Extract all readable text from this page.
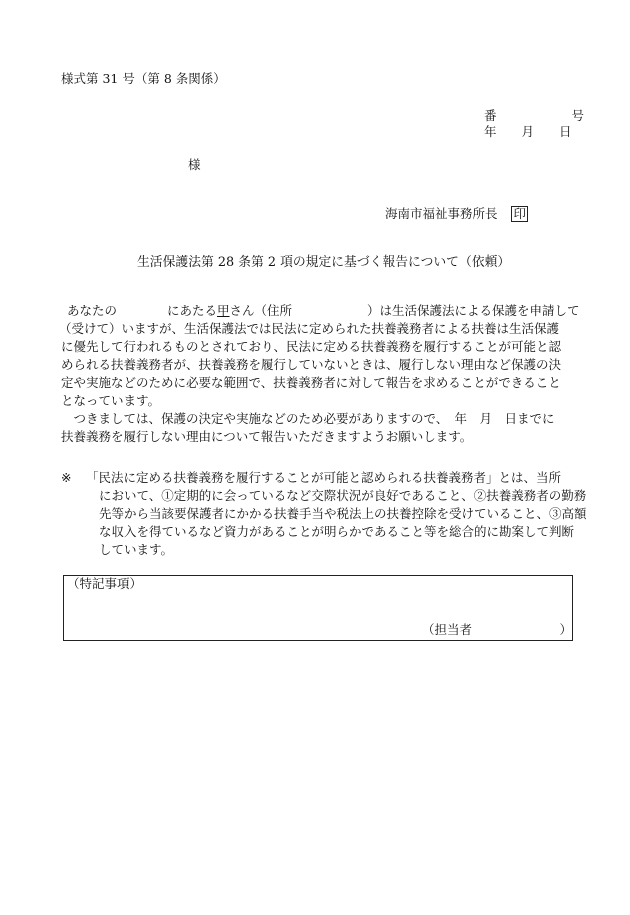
様式第 31 号（第 8 条関係）
番　　　　　　号
年　　月　　日
様

海南市福祉事務所長 印

生活保護法第 28 条第 2 項の規定に基づく報告について（依頼）
あなたの　　　　にあたる甲さん（住所　　　　　　）は生活保護法による保護を申請して
（受けて）いますが、生活保護法では民法に定められた扶養義務者による扶養は生活保護
に優先して行われるものとされており、民法に定める扶養義務を履行することが可能と認
められる扶養義務者が、扶養義務を履行していないときは、履行しない理由など保護の決
定や実施などのために必要な範囲で、扶養義務者に対して報告を求めることができること
となっています。
　つきましては、保護の決定や実施などのため必要がありますので、　年　月　日までに
扶養義務を履行しない理由について報告いただきますようお願いします。
※ 「民法に定める扶養義務を履行することが可能と認められる扶養義務者」とは、当所
において、①定期的に会っているなど交際状況が良好であること、②扶養義務者の勤務
先等から当該要保護者にかかる扶養手当や税法上の扶養控除を受けていること、③高額
な収入を得ているなど資力があることが明らかであること等を総合的に勘案して判断
しています。
（特記事項）
（担当者　　　　　　　）
